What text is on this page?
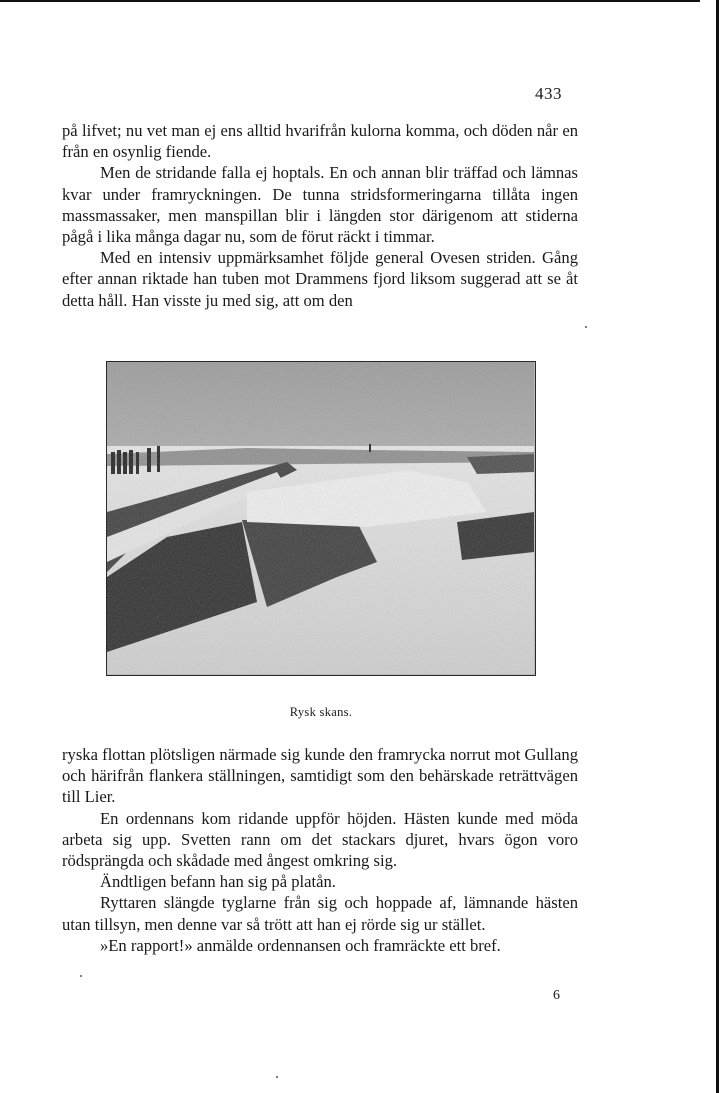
433

på lifvet; nu vet man ej ens alltid hvarifrån kulorna komma, och döden når en från en osynlig fiende.

Men de stridande falla ej hoptals. En och annan blir träffad och lämnas kvar under framryckningen. De tunna stridsformeringarna tillåta ingen massmassaker, men manspillan blir i längden stor därigenom att stiderna pågå i lika många dagar nu, som de förut räckt i timmar.

Med en intensiv uppmärksamhet följde general Ovesen striden. Gång efter annan riktade han tuben mot Drammens fjord liksom suggerad att se åt detta håll. Han visste ju med sig, att om den

Rysk skans.

ryska flottan plötsligen närmade sig kunde den framrycka norrut mot Gullang och härifrån flankera ställningen, samtidigt som den behärskade reträttvägen till Lier.

En ordennans kom ridande uppför höjden. Hästen kunde med möda arbeta sig upp. Svetten rann om det stackars djuret, hvars ögon voro rödsprängda och skådade med ångest omkring sig.

Ändtligen befann han sig på platån.

Ryttaren slängde tyglarne från sig och hoppade af, lämnande hästen utan tillsyn, men denne var så trött att han ej rörde sig ur stället.

»En rapport!» anmälde ordennansen och framräckte ett bref.

6
